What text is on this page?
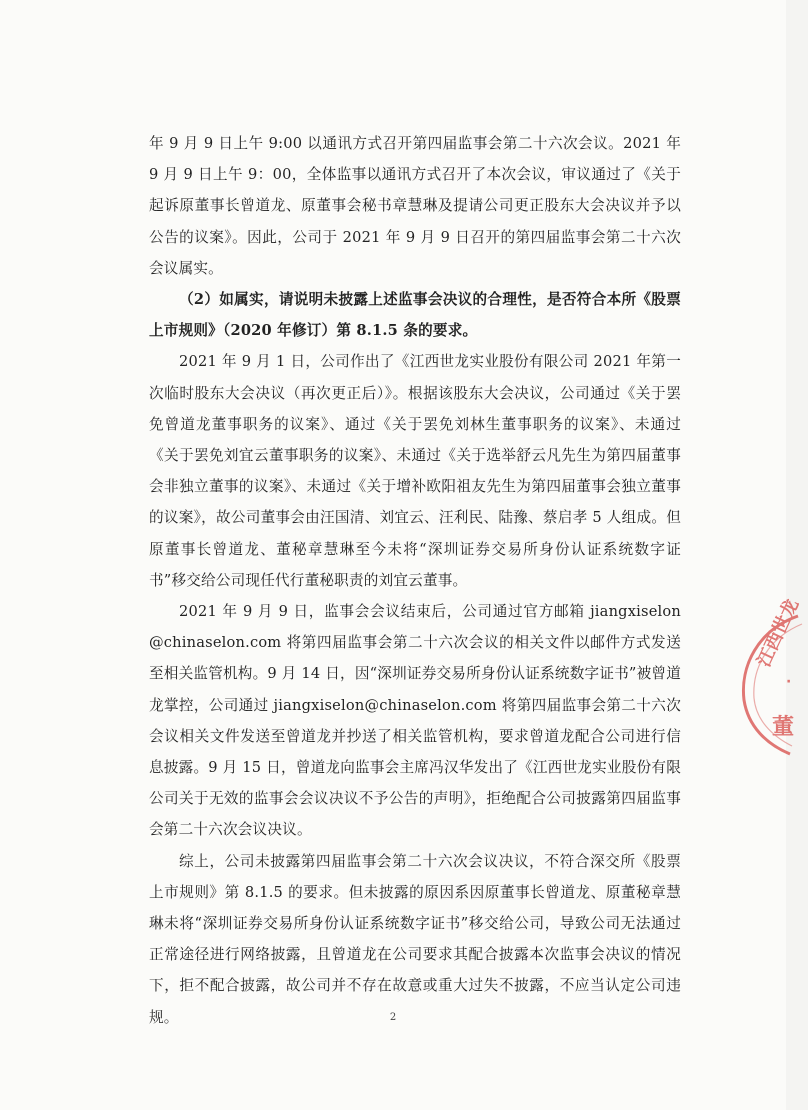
年 9 月 9 日上午 9:00 以通讯方式召开第四届监事会第二十六次会议。2021 年 9 月 9 日上午 9：00，全体监事以通讯方式召开了本次会议，审议通过了《关于起诉原董事长曾道龙、原董事会秘书章慧琳及提请公司更正股东大会决议并予以公告的议案》。因此，公司于 2021 年 9 月 9 日召开的第四届监事会第二十六次会议属实。

（2）如属实，请说明未披露上述监事会决议的合理性，是否符合本所《股票上市规则》（2020 年修订）第 8.1.5 条的要求。

2021 年 9 月 1 日，公司作出了《江西世龙实业股份有限公司 2021 年第一次临时股东大会决议（再次更正后）》。根据该股东大会决议，公司通过《关于罢免曾道龙董事职务的议案》、通过《关于罢免刘林生董事职务的议案》、未通过《关于罢免刘宜云董事职务的议案》、未通过《关于选举舒云凡先生为第四届董事会非独立董事的议案》、未通过《关于增补欧阳祖友先生为第四届董事会独立董事的议案》，故公司董事会由汪国清、刘宜云、汪利民、陆豫、蔡启孝 5 人组成。但原董事长曾道龙、董秘章慧琳至今未将“深圳证券交易所身份认证系统数字证书”移交给公司现任代行董秘职责的刘宜云董事。

2021 年 9 月 9 日，监事会会议结束后，公司通过官方邮箱 jiangxiselon@chinaselon.com 将第四届监事会第二十六次会议的相关文件以邮件方式发送至相关监管机构。9 月 14 日，因“深圳证券交易所身份认证系统数字证书”被曾道龙掌控，公司通过 jiangxiselon@chinaselon.com 将第四届监事会第二十六次会议相关文件发送至曾道龙并抄送了相关监管机构，要求曾道龙配合公司进行信息披露。9 月 15 日，曾道龙向监事会主席冯汉华发出了《江西世龙实业股份有限公司关于无效的监事会会议决议不予公告的声明》，拒绝配合公司披露第四届监事会第二十六次会议决议。

综上，公司未披露第四届监事会第二十六次会议决议，不符合深交所《股票上市规则》第 8.1.5 的要求。但未披露的原因系因原董事长曾道龙、原董秘章慧琳未将“深圳证券交易所身份认证系统数字证书”移交给公司，导致公司无法通过正常途径进行网络披露，且曾道龙在公司要求其配合披露本次监事会决议的情况下，拒不配合披露，故公司并不存在故意或重大过失不披露，不应当认定公司违规。	2
江西世龙
·
董
